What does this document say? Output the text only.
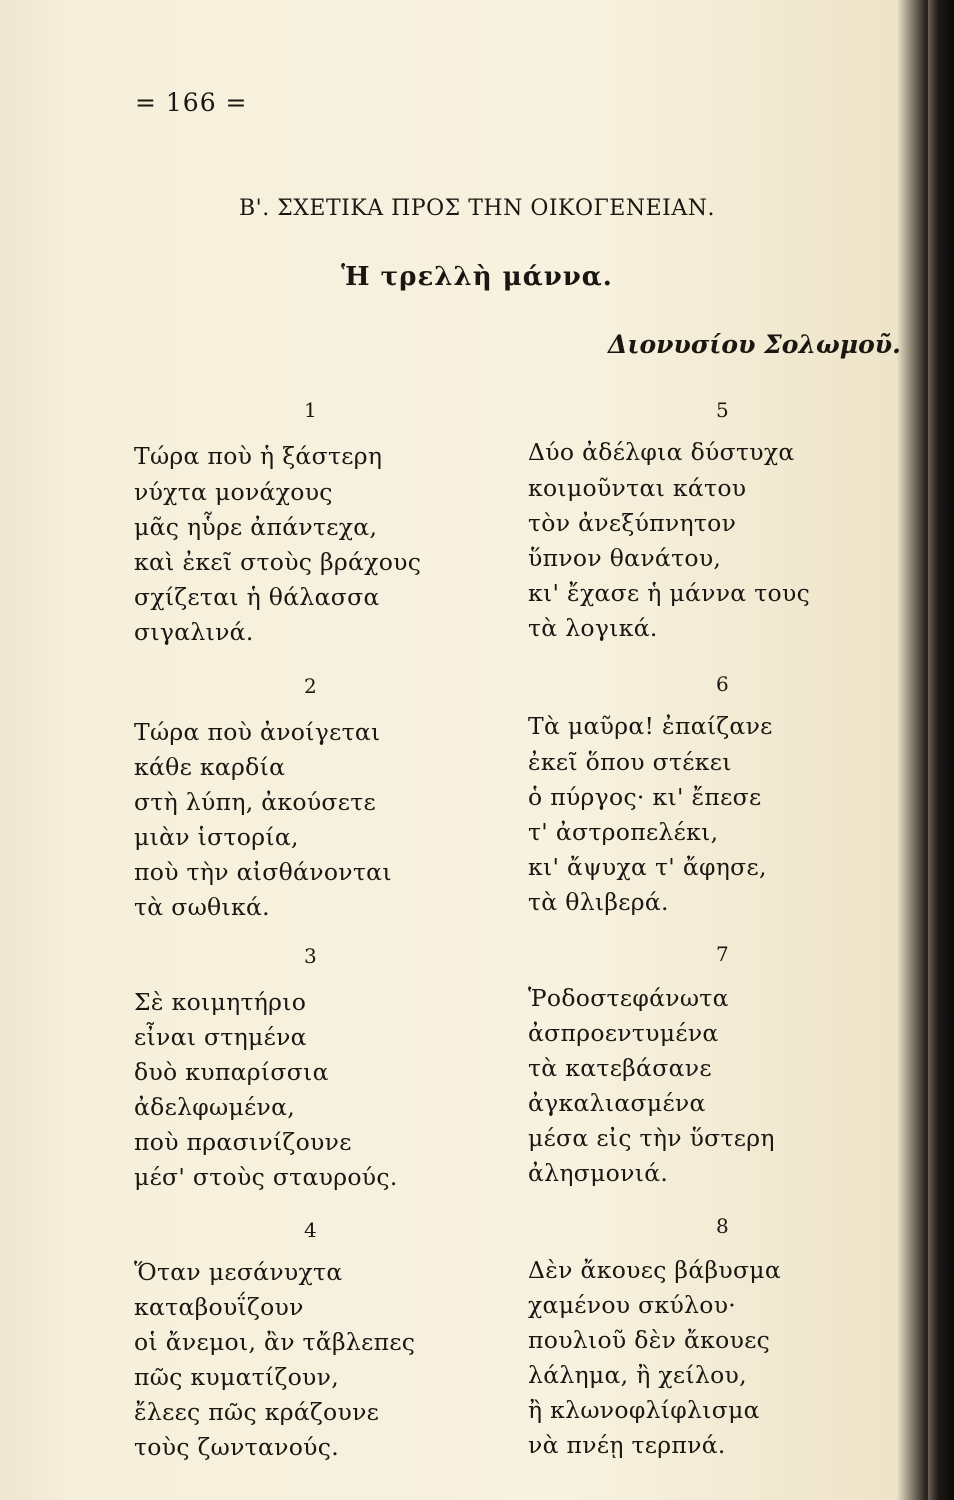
= 166 =
Β'. ΣΧΕΤΙΚΑ ΠΡΟΣ ΤΗΝ ΟΙΚΟΓΕΝΕΙΑΝ.
Ἡ τρελλὴ μάννα.
Διονυσίου Σολωμοῦ.
1
Τώρα ποὺ ἡ ξάστερη
νύχτα μονάχους
μᾶς ηὗρε ἀπάντεχα,
καὶ ἐκεῖ στοὺς βράχους
σχίζεται ἡ θάλασσα
σιγαλινά.
2
Τώρα ποὺ ἀνοίγεται
κάθε καρδία
στὴ λύπη, ἀκούσετε
μιὰν ἱστορία,
ποὺ τὴν αἰσθάνονται
τὰ σωθικά.
3
Σὲ κοιμητήριο
εἶναι στημένα
δυὸ κυπαρίσσια
ἀδελφωμένα,
ποὺ πρασινίζουνε
μέσ' στοὺς σταυρούς.
4
Ὅταν μεσάνυχτα
καταβουΐζουν
οἱ ἄνεμοι, ἂν τἄβλεπες
πῶς κυματίζουν,
ἔλεες πῶς κράζουνε
τοὺς ζωντανούς.
5
Δύο ἀδέλφια δύστυχα
κοιμοῦνται κάτου
τὸν ἀνεξύπνητον
ὕπνον θανάτου,
κι' ἔχασε ἡ μάννα τους
τὰ λογικά.
6
Τὰ μαῦρα! ἐπαίζανε
ἐκεῖ ὅπου στέκει
ὁ πύργος· κι' ἔπεσε
τ' ἀστροπελέκι,
κι' ἄψυχα τ' ἄφησε,
τὰ θλιβερά.
7
Ῥοδοστεφάνωτα
ἀσπροεντυμένα
τὰ κατεβάσανε
ἀγκαλιασμένα
μέσα εἰς τὴν ὕστερη
ἀλησμονιά.
8
Δὲν ἄκουες βάβυσμα
χαμένου σκύλου·
πουλιοῦ δὲν ἄκουες
λάλημα, ἢ χείλου,
ἢ κλωνοφλίφλισμα
νὰ πνέῃ τερπνά.
